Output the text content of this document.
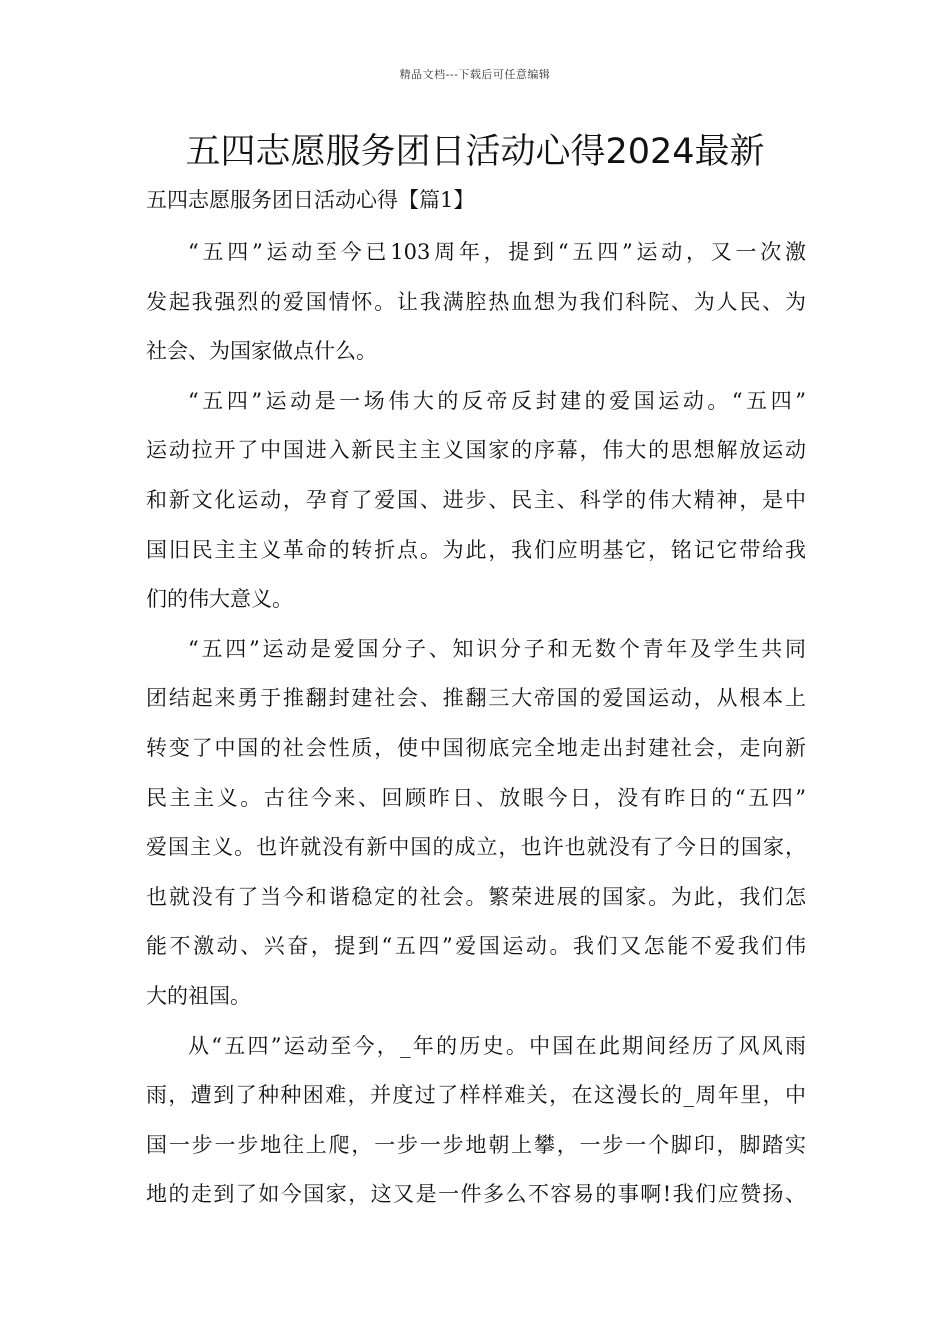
精品文档---下载后可任意编辑
五四志愿服务团日活动心得2024最新
五四志愿服务团日活动心得【篇1】
“五四”运动至今已103周年，提到“五四”运动，又一次激
发起我强烈的爱国情怀。让我满腔热血想为我们科院、为人民、为
社会、为国家做点什么。
“五四”运动是一场伟大的反帝反封建的爱国运动。“五四”
运动拉开了中国进入新民主主义国家的序幕，伟大的思想解放运动
和新文化运动，孕育了爱国、进步、民主、科学的伟大精神，是中
国旧民主主义革命的转折点。为此，我们应明基它，铭记它带给我
们的伟大意义。
“五四”运动是爱国分子、知识分子和无数个青年及学生共同
团结起来勇于推翻封建社会、推翻三大帝国的爱国运动，从根本上
转变了中国的社会性质，使中国彻底完全地走出封建社会，走向新
民主主义。古往今来、回顾昨日、放眼今日，没有昨日的“五四”
爱国主义。也许就没有新中国的成立，也许也就没有了今日的国家，
也就没有了当今和谐稳定的社会。繁荣进展的国家。为此，我们怎
能不激动、兴奋，提到“五四”爱国运动。我们又怎能不爱我们伟
大的祖国。
从“五四”运动至今，_年的历史。中国在此期间经历了风风雨
雨，遭到了种种困难，并度过了样样难关，在这漫长的_周年里，中
国一步一步地往上爬，一步一步地朝上攀，一步一个脚印，脚踏实
地的走到了如今国家，这又是一件多么不容易的事啊!我们应赞扬、
